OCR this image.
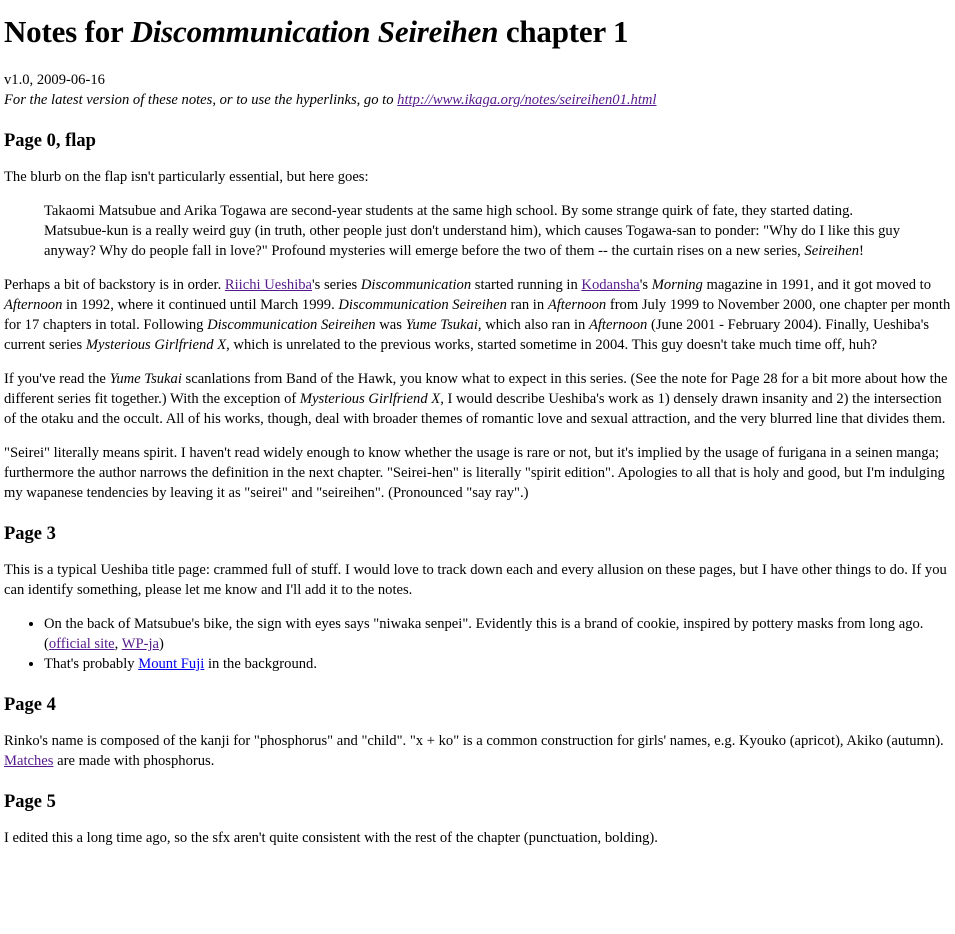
Notes for Discommunication Seireihen chapter 1
v1.0, 2009-06-16

For the latest version of these notes, or to use the hyperlinks, go to http://www.ikaga.org/notes/seireihen01.html

Page 0, flap

The blurb on the flap isn't particularly essential, but here goes:

Takaomi Matsubue and Arika Togawa are second-year students at the same high school. By some strange quirk of fate, they started dating. Matsubue-kun is a really weird guy (in truth, other people just don't understand him), which causes Togawa-san to ponder: "Why do I like this guy anyway? Why do people fall in love?" Profound mysteries will emerge before the two of them -- the curtain rises on a new series, Seireihen!

Perhaps a bit of backstory is in order. Riichi Ueshiba's series Discommunication started running in Kodansha's Morning magazine in 1991, and it got moved to Afternoon in 1992, where it continued until March 1999. Discommunication Seireihen ran in Afternoon from July 1999 to November 2000, one chapter per month for 17 chapters in total. Following Discommunication Seireihen was Yume Tsukai, which also ran in Afternoon (June 2001 - February 2004). Finally, Ueshiba's current series Mysterious Girlfriend X, which is unrelated to the previous works, started sometime in 2004. This guy doesn't take much time off, huh?

If you've read the Yume Tsukai scanlations from Band of the Hawk, you know what to expect in this series. (See the note for Page 28 for a bit more about how the different series fit together.) With the exception of Mysterious Girlfriend X, I would describe Ueshiba's work as 1) densely drawn insanity and 2) the intersection of the otaku and the occult. All of his works, though, deal with broader themes of romantic love and sexual attraction, and the very blurred line that divides them.

"Seirei" literally means spirit. I haven't read widely enough to know whether the usage is rare or not, but it's implied by the usage of furigana in a seinen manga; furthermore the author narrows the definition in the next chapter. "Seirei-hen" is literally "spirit edition". Apologies to all that is holy and good, but I'm indulging my wapanese tendencies by leaving it as "seirei" and "seireihen". (Pronounced "say ray".)

Page 3

This is a typical Ueshiba title page: crammed full of stuff. I would love to track down each and every allusion on these pages, but I have other things to do. If you can identify something, please let me know and I'll add it to the notes.

• On the back of Matsubue's bike, the sign with eyes says "niwaka senpei". Evidently this is a brand of cookie, inspired by pottery masks from long ago. (official site, WP-ja)
• That's probably Mount Fuji in the background.
Page 4

Rinko's name is composed of the kanji for "phosphorus" and "child". "x + ko" is a common construction for girls' names, e.g. Kyouko (apricot), Akiko (autumn). Matches are made with phosphorus.

Page 5

I edited this a long time ago, so the sfx aren't quite consistent with the rest of the chapter (punctuation, bolding).
